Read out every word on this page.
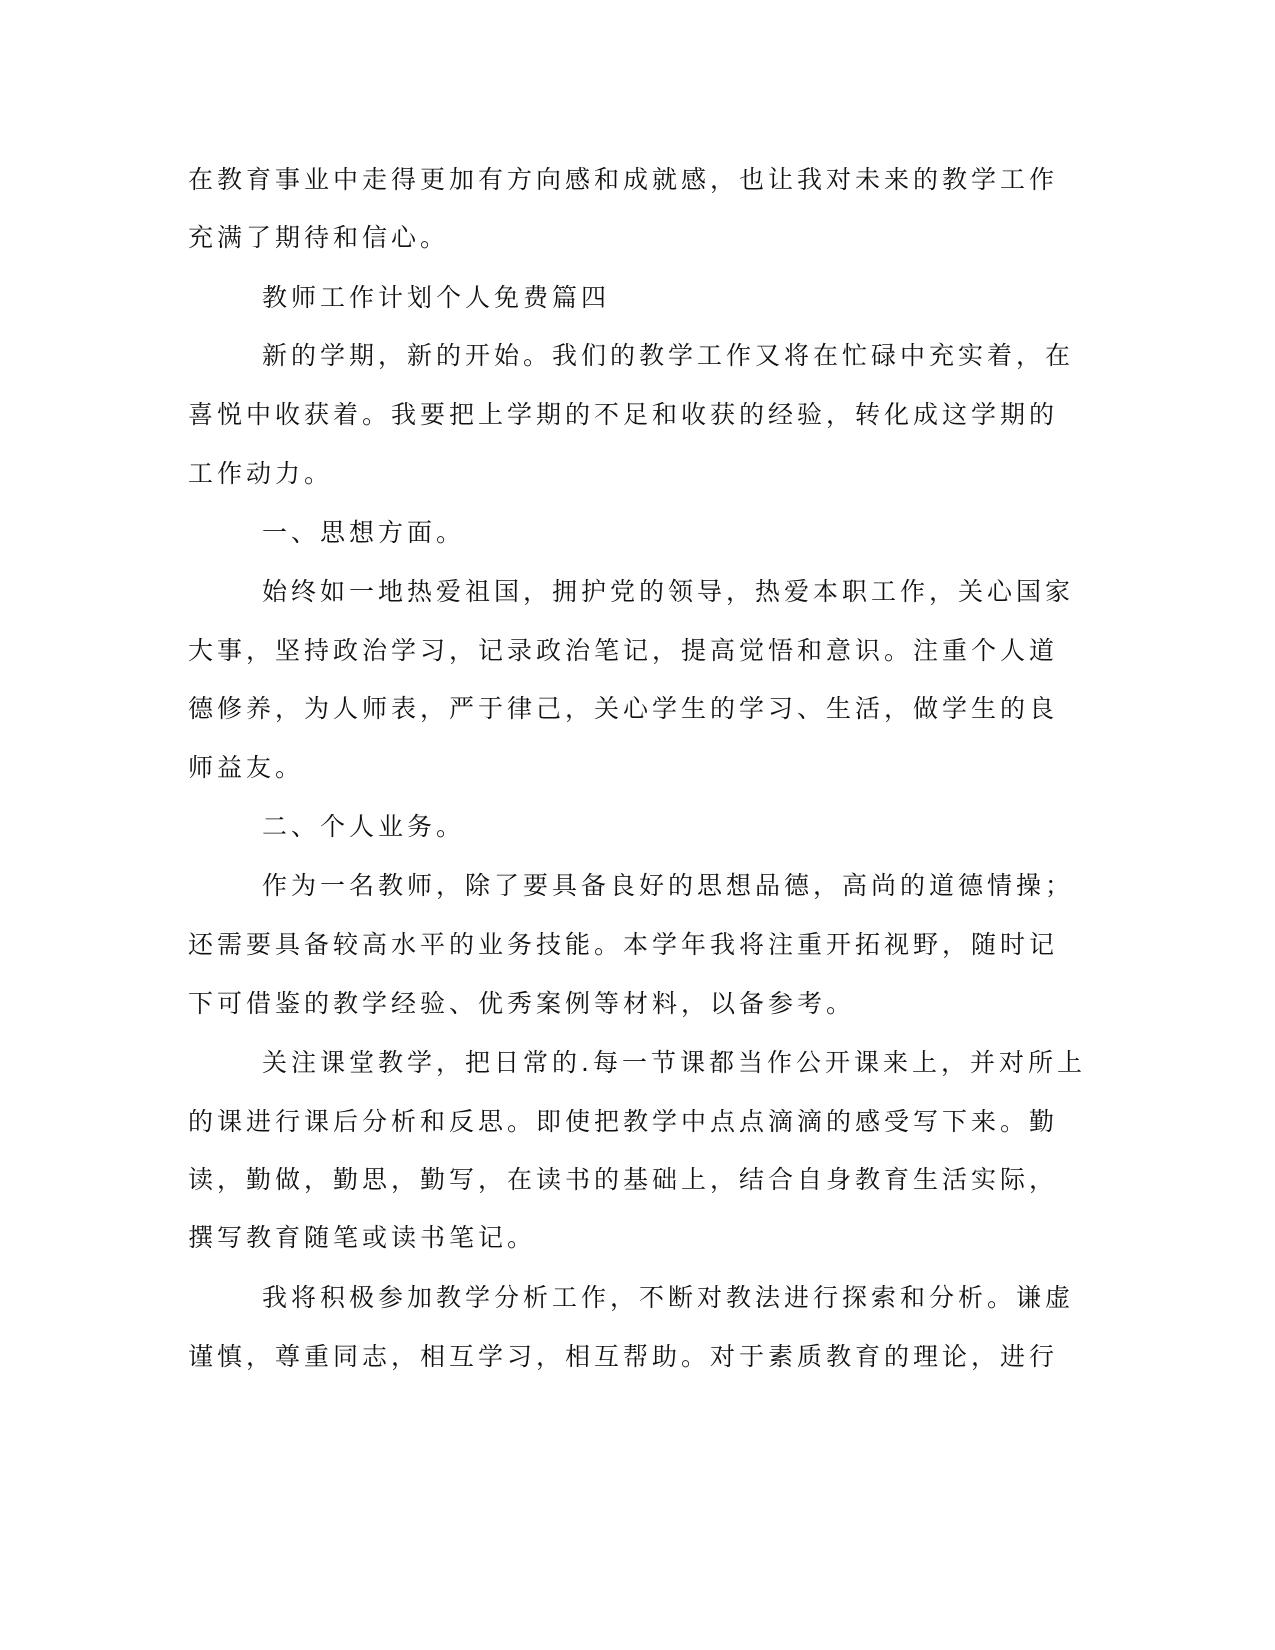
在教育事业中走得更加有方向感和成就感，也让我对未来的教学工作
充满了期待和信心。
教师工作计划个人免费篇四
新的学期，新的开始。我们的教学工作又将在忙碌中充实着，在
喜悦中收获着。我要把上学期的不足和收获的经验，转化成这学期的
工作动力。
一、思想方面。
始终如一地热爱祖国，拥护党的领导，热爱本职工作，关心国家
大事，坚持政治学习，记录政治笔记，提高觉悟和意识。注重个人道
德修养，为人师表，严于律己，关心学生的学习、生活，做学生的良
师益友。
二、个人业务。
作为一名教师，除了要具备良好的思想品德，高尚的道德情操；
还需要具备较高水平的业务技能。本学年我将注重开拓视野，随时记
下可借鉴的教学经验、优秀案例等材料，以备参考。
关注课堂教学，把日常的.每一节课都当作公开课来上，并对所上
的课进行课后分析和反思。即使把教学中点点滴滴的感受写下来。勤
读，勤做，勤思，勤写，在读书的基础上，结合自身教育生活实际，
撰写教育随笔或读书笔记。
我将积极参加教学分析工作，不断对教法进行探索和分析。谦虚
谨慎，尊重同志，相互学习，相互帮助。对于素质教育的理论，进行
